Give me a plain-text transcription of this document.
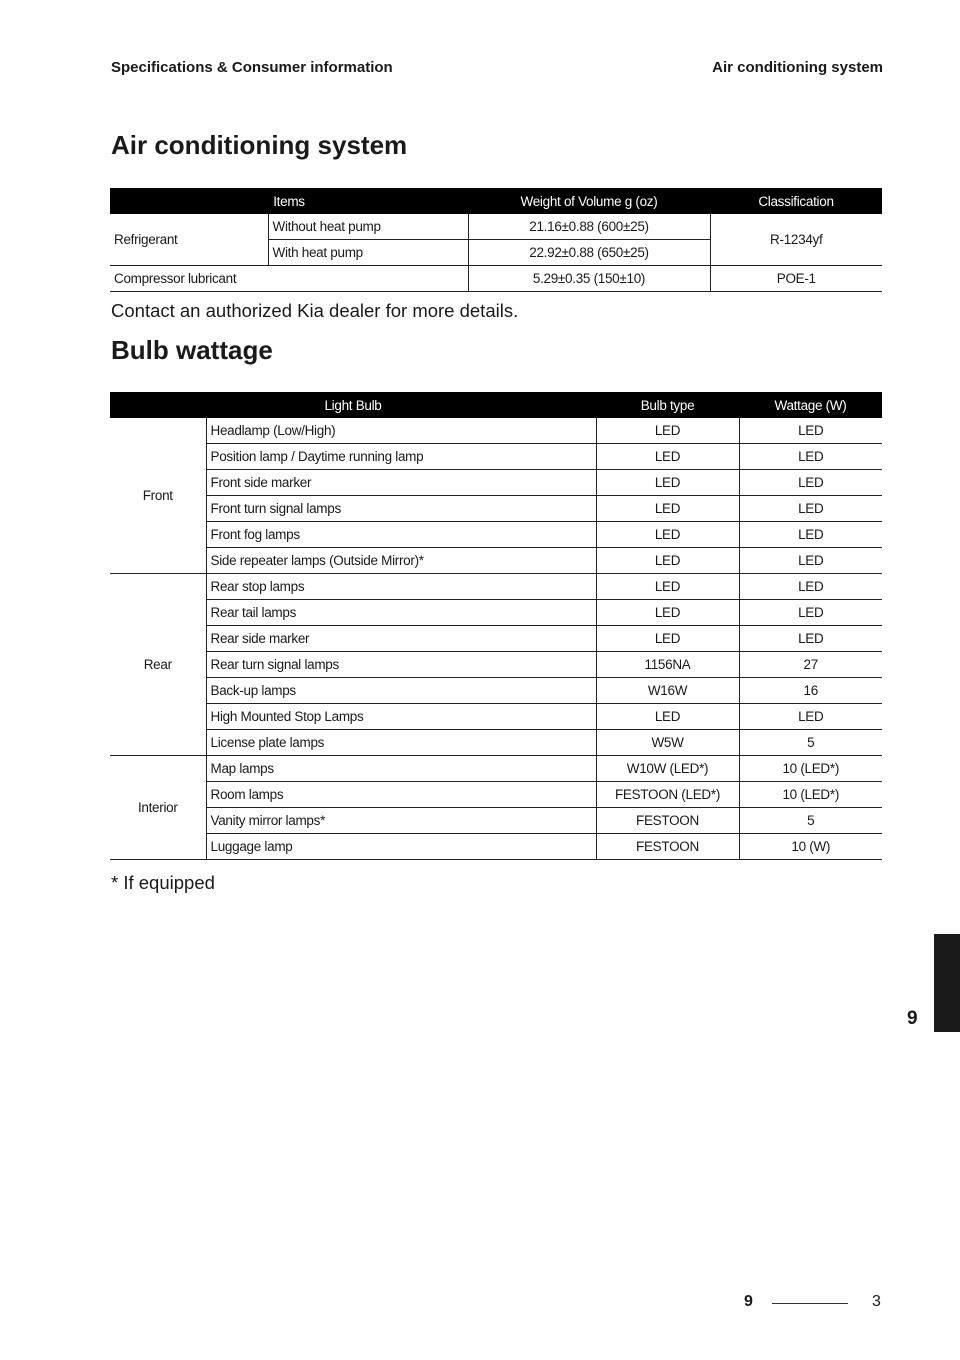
Specifications & Consumer information	Air conditioning system
Air conditioning system
Items		Weight of Volume g (oz)	Classification
Refrigerant	Without heat pump	21.16±0.88 (600±25)	R-1234yf
	With heat pump	22.92±0.88 (650±25)	
Compressor lubricant		5.29±0.35 (150±10)	POE-1
Contact an authorized Kia dealer for more details.
Bulb wattage
Light Bulb		Bulb type	Wattage (W)
Front	Headlamp (Low/High)	LED	LED
	Position lamp / Daytime running lamp	LED	LED
	Front side marker	LED	LED
	Front turn signal lamps	LED	LED
	Front fog lamps	LED	LED
	Side repeater lamps (Outside Mirror)*	LED	LED
Rear	Rear stop lamps	LED	LED
	Rear tail lamps	LED	LED
	Rear side marker	LED	LED
	Rear turn signal lamps	1156NA	27
	Back-up lamps	W16W	16
	High Mounted Stop Lamps	LED	LED
	License plate lamps	W5W	5
Interior	Map lamps	W10W (LED*)	10 (LED*)
	Room lamps	FESTOON (LED*)	10 (LED*)
	Vanity mirror lamps*	FESTOON	5
	Luggage lamp	FESTOON	10 (W)
* If equipped
9
9	3
